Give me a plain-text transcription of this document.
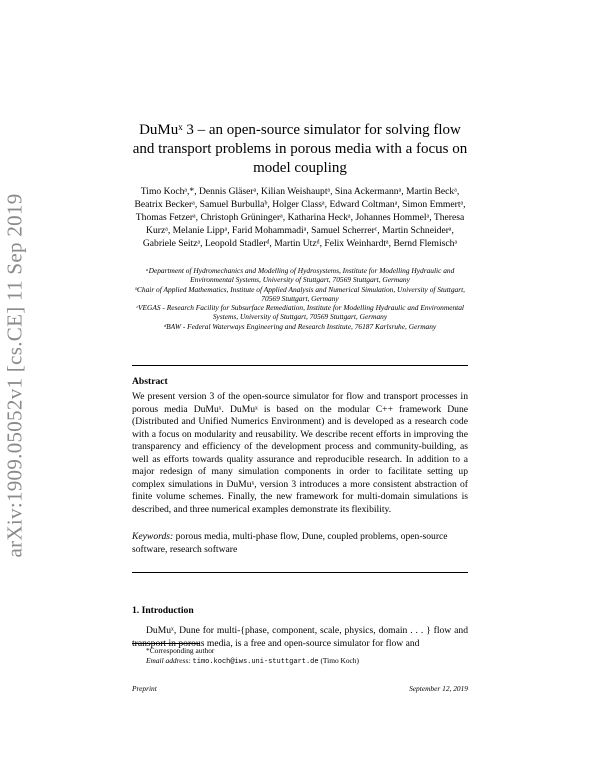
arXiv:1909.05052v1 [cs.CE] 11 Sep 2019
DuMuˣ 3 – an open-source simulator for solving flow and transport problems in porous media with a focus on model coupling
Timo Kochᵃ,*, Dennis Gläserᵃ, Kilian Weishauptᵃ, Sina Ackermannᵃ, Martin Beckᵃ, Beatrix Beckerᵃ, Samuel Burbullaᵇ, Holger Classᵃ, Edward Coltmanᵃ, Simon Emmertᵃ, Thomas Fetzerᵃ, Christoph Grüningerᵃ, Katharina Heckᵃ, Johannes Hommelᵃ, Theresa Kurzᵃ, Melanie Lippᵃ, Farid Mohammadiᵃ, Samuel Scherrerᶜ, Martin Schneiderᵃ, Gabriele Seitzᵃ, Leopold Stadlerᵈ, Martin Utzᵈ, Felix Weinhardtᵃ, Bernd Flemischᵃ
ᵃDepartment of Hydromechanics and Modelling of Hydrosystems, Institute for Modelling Hydraulic and Environmental Systems, University of Stuttgart, 70569 Stuttgart, Germany
ᵇChair of Applied Mathematics, Institute of Applied Analysis and Numerical Simulation, University of Stuttgart, 70569 Stuttgart, Germany
ᶜVEGAS - Research Facility for Subsurface Remediation, Institute for Modelling Hydraulic and Environmental Systems, University of Stuttgart, 70569 Stuttgart, Germany
ᵈBAW - Federal Waterways Engineering and Research Institute, 76187 Karlsruhe, Germany
Abstract
We present version 3 of the open-source simulator for flow and transport processes in porous media DuMuˣ. DuMuˣ is based on the modular C++ framework Dune (Distributed and Unified Numerics Environment) and is developed as a research code with a focus on modularity and reusability. We describe recent efforts in improving the transparency and efficiency of the development process and community-building, as well as efforts towards quality assurance and reproducible research. In addition to a major redesign of many simulation components in order to facilitate setting up complex simulations in DuMuˣ, version 3 introduces a more consistent abstraction of finite volume schemes. Finally, the new framework for multi-domain simulations is described, and three numerical examples demonstrate its flexibility.
Keywords: porous media, multi-phase flow, Dune, coupled problems, open-source software, research software
1. Introduction
DuMuˣ, Dune for multi-{phase, component, scale, physics, domain . . . } flow and transport in porous media, is a free and open-source simulator for flow and
*Corresponding author
Email address: timo.koch@iws.uni-stuttgart.de (Timo Koch)
Preprint	September 12, 2019
